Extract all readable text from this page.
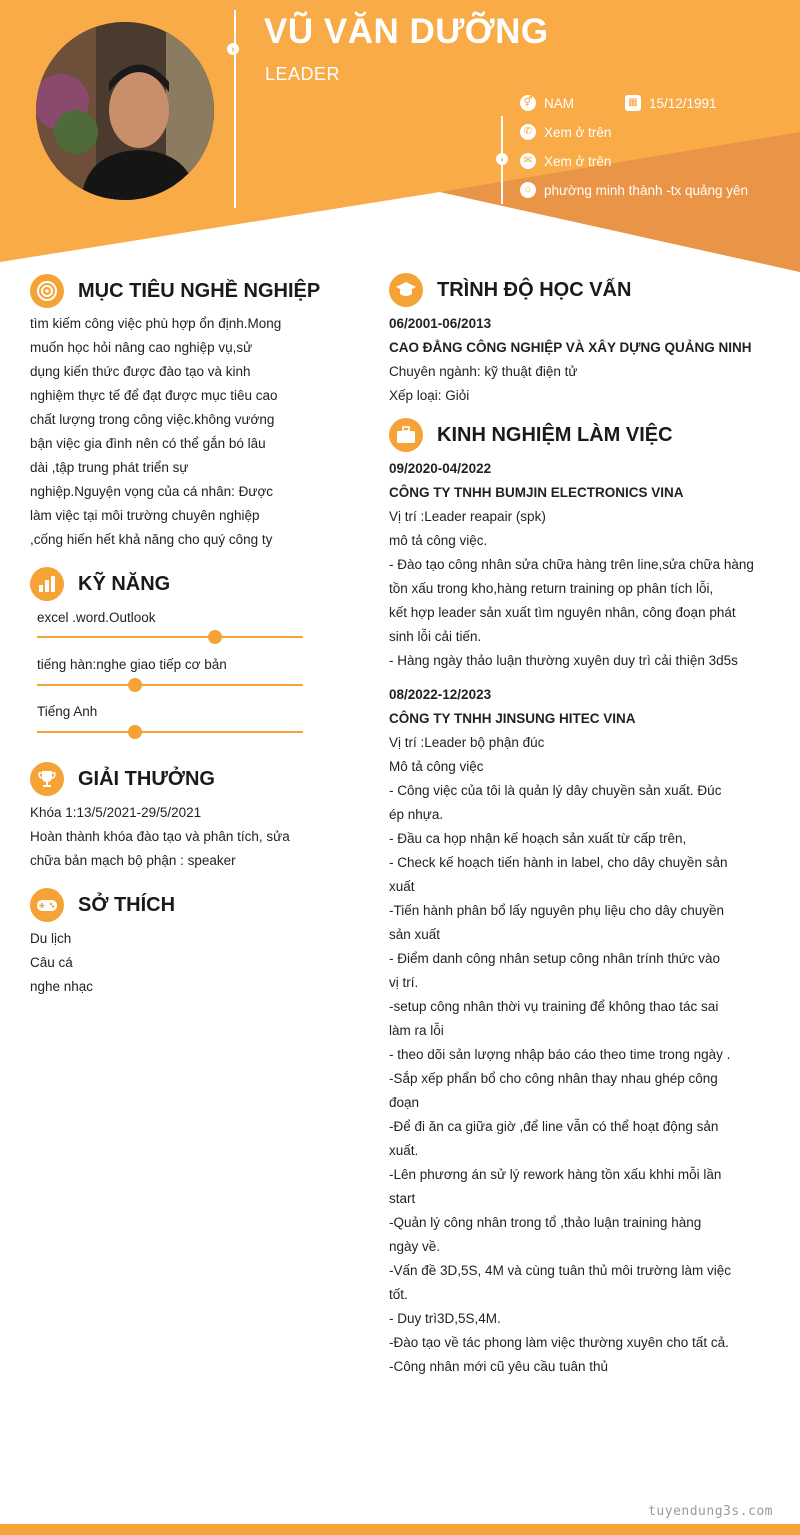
› VŨ VĂN DƯỠNG
LEADER
›
⚥ NAM	▦ 15/12/1991
✆ Xem ở trên
✉ Xem ở trên
⌂ phường minh thành -tx quảng yên
MỤC TIÊU NGHỀ NGHIỆP
tìm kiếm công việc phù hợp ổn định.Mong
muốn học hỏi nâng cao nghiệp vụ,sử
dụng kiến thức được đào tạo và kinh
nghiệm thực tế để đạt được mục tiêu cao
chất lượng trong công việc.không vướng
bận việc gia đình nên có thể gắn bó lâu
dài ,tập trung phát triển sự
nghiệp.Nguyện vọng của cá nhân: Được
làm việc tại môi trường chuyên nghiệp
,cống hiến hết khả năng cho quý công ty
KỸ NĂNG
excel .word.Outlook
tiếng hàn:nghe giao tiếp cơ bản
Tiếng Anh
GIẢI THƯỞNG
Khóa 1:13/5/2021-29/5/2021
Hoàn thành khóa đào tạo và phân tích, sửa
chữa bản mạch bộ phận : speaker
SỞ THÍCH
Du lịch
Câu cá
nghe nhạc
TRÌNH ĐỘ HỌC VẤN
06/2001-06/2013
CAO ĐẲNG CÔNG NGHIỆP VÀ XÂY DỰNG QUẢNG NINH
Chuyên ngành: kỹ thuật điện tử
Xếp loại: Giỏi
KINH NGHIỆM LÀM VIỆC
09/2020-04/2022
CÔNG TY TNHH BUMJIN ELECTRONICS VINA
Vị trí :Leader reapair (spk)
mô tả công việc.
- Đào tạo công nhân sửa chữa hàng trên line,sửa chữa hàng
tồn xấu trong kho,hàng return training op phân tích lỗi,
kết hợp leader sản xuất tìm nguyên nhân, công đoạn phát
sinh lỗi cải tiến.
- Hàng ngày thảo luận thường xuyên duy trì cải thiện 3d5s
08/2022-12/2023
CÔNG TY TNHH JINSUNG HITEC VINA
Vị trí :Leader bộ phận đúc
Mô tả công việc
- Công việc của tôi là quản lý dây chuyền sản xuất. Đúc
ép nhựa.
- Đầu ca họp nhận kế hoạch sản xuất từ cấp trên,
- Check kế hoạch tiến hành in label, cho dây chuyền sản
xuất
-Tiến hành phân bổ lấy nguyên phụ liệu cho dây chuyền
sản xuất
- Điểm danh công nhân setup công nhân trính thức vào
vị trí.
-setup công nhân thời vụ training để không thao tác sai
làm ra lỗi
- theo dõi sản lượng nhập báo cáo theo time trong ngày .
-Sắp xếp phẩn bổ cho công nhân thay nhau ghép công
đoạn
-Để đi ăn ca giữa giờ ,để line vẫn có thể hoạt động sản
xuất.
-Lên phương án sử lý rework hàng tồn xấu khhi mỗi lần
start
-Quản lý công nhân trong tổ ,thảo luận training hàng
ngày về.
-Vấn đề 3D,5S, 4M và cùng tuân thủ môi trường làm việc
tốt.
- Duy trì3D,5S,4M.
-Đào tạo về tác phong làm việc thường xuyên cho tất cả.
-Công nhân mới cũ yêu cầu tuân thủ
tuyendung3s.com
